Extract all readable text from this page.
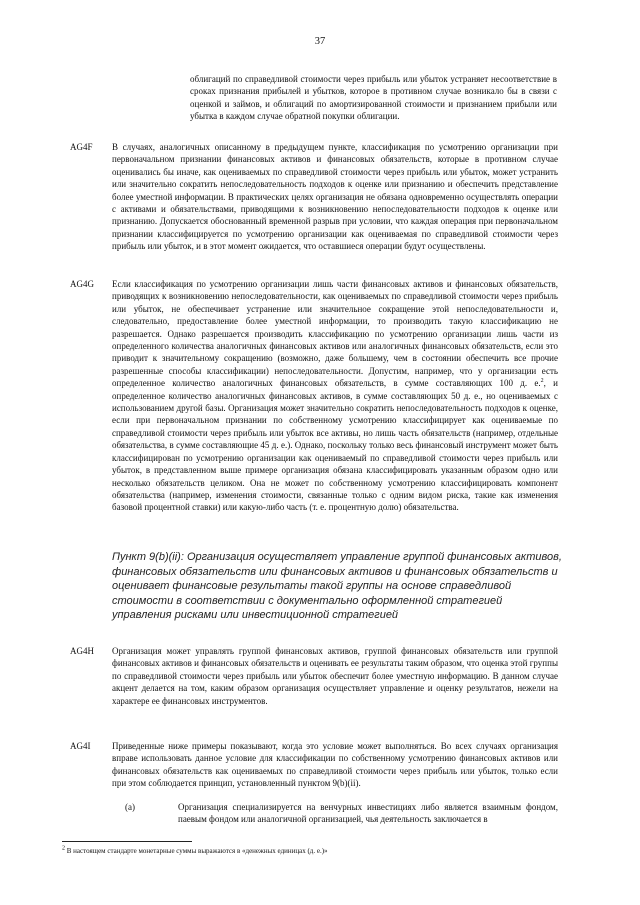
37
облигаций по справедливой стоимости через прибыль или убыток устраняет несоответствие в сроках признания прибылей и убытков, которое в противном случае возникало бы в связи с оценкой и займов, и облигаций по амортизированной стоимости и признанием прибыли или убытка в каждом случае обратной покупки облигации.
AG4F В случаях, аналогичных описанному в предыдущем пункте, классификация по усмотрению организации при первоначальном признании финансовых активов и финансовых обязательств, которые в противном случае оценивались бы иначе, как оцениваемых по справедливой стоимости через прибыль или убыток, может устранить или значительно сократить непоследовательность подходов к оценке или признанию и обеспечить представление более уместной информации. В практических целях организация не обязана одновременно осуществлять операции с активами и обязательствами, приводящими к возникновению непоследовательности подходов к оценке или признанию. Допускается обоснованный временной разрыв при условии, что каждая операция при первоначальном признании классифицируется по усмотрению организации как оцениваемая по справедливой стоимости через прибыль или убыток, и в этот момент ожидается, что оставшиеся операции будут осуществлены.
AG4G Если классификация по усмотрению организации лишь части финансовых активов и финансовых обязательств, приводящих к возникновению непоследовательности, как оцениваемых по справедливой стоимости через прибыль или убыток, не обеспечивает устранение или значительное сокращение этой непоследовательности и, следовательно, предоставление более уместной информации, то производить такую классификацию не разрешается. Однако разрешается производить классификацию по усмотрению организации лишь части из определенного количества аналогичных финансовых активов или аналогичных финансовых обязательств, если это приводит к значительному сокращению (возможно, даже большему, чем в состоянии обеспечить все прочие разрешенные способы классификации) непоследовательности. Допустим, например, что у организации есть определенное количество аналогичных финансовых обязательств, в сумме составляющих 100 д. е.$^2$, и определенное количество аналогичных финансовых активов, в сумме составляющих 50 д. е., но оцениваемых с использованием другой базы. Организация может значительно сократить непоследовательность подходов к оценке, если при первоначальном признании по собственному усмотрению классифицирует как оцениваемые по справедливой стоимости через прибыль или убыток все активы, но лишь часть обязательств (например, отдельные обязательства, в сумме составляющие 45 д. е.). Однако, поскольку только весь финансовый инструмент может быть классифицирован по усмотрению организации как оцениваемый по справедливой стоимости через прибыль или убыток, в представленном выше примере организация обязана классифицировать указанным образом одно или несколько обязательств целиком. Она не может по собственному усмотрению классифицировать компонент обязательства (например, изменения стоимости, связанные только с одним видом риска, такие как изменения базовой процентной ставки) или какую-либо часть (т. е. процентную долю) обязательства.
Пункт 9(b)(ii): Организация осуществляет управление группой финансовых активов, финансовых обязательств или финансовых активов и финансовых обязательств и оценивает финансовые результаты такой группы на основе справедливой стоимости в соответствии с документально оформленной стратегией управления рисками или инвестиционной стратегией
AG4H Организация может управлять группой финансовых активов, группой финансовых обязательств или группой финансовых активов и финансовых обязательств и оценивать ее результаты таким образом, что оценка этой группы по справедливой стоимости через прибыль или убыток обеспечит более уместную информацию. В данном случае акцент делается на том, каким образом организация осуществляет управление и оценку результатов, нежели на характере ее финансовых инструментов.
AG4I Приведенные ниже примеры показывают, когда это условие может выполняться. Во всех случаях организация вправе использовать данное условие для классификации по собственному усмотрению финансовых активов или финансовых обязательств как оцениваемых по справедливой стоимости через прибыль или убыток, только если при этом соблюдается принцип, установленный пунктом 9(b)(ii).
(a)	Организация специализируется на венчурных инвестициях либо является взаимным фондом, паевым фондом или аналогичной организацией, чья деятельность заключается в
$^2$ В настоящем стандарте монетарные суммы выражаются в «денежных единицах (д. е.)»
